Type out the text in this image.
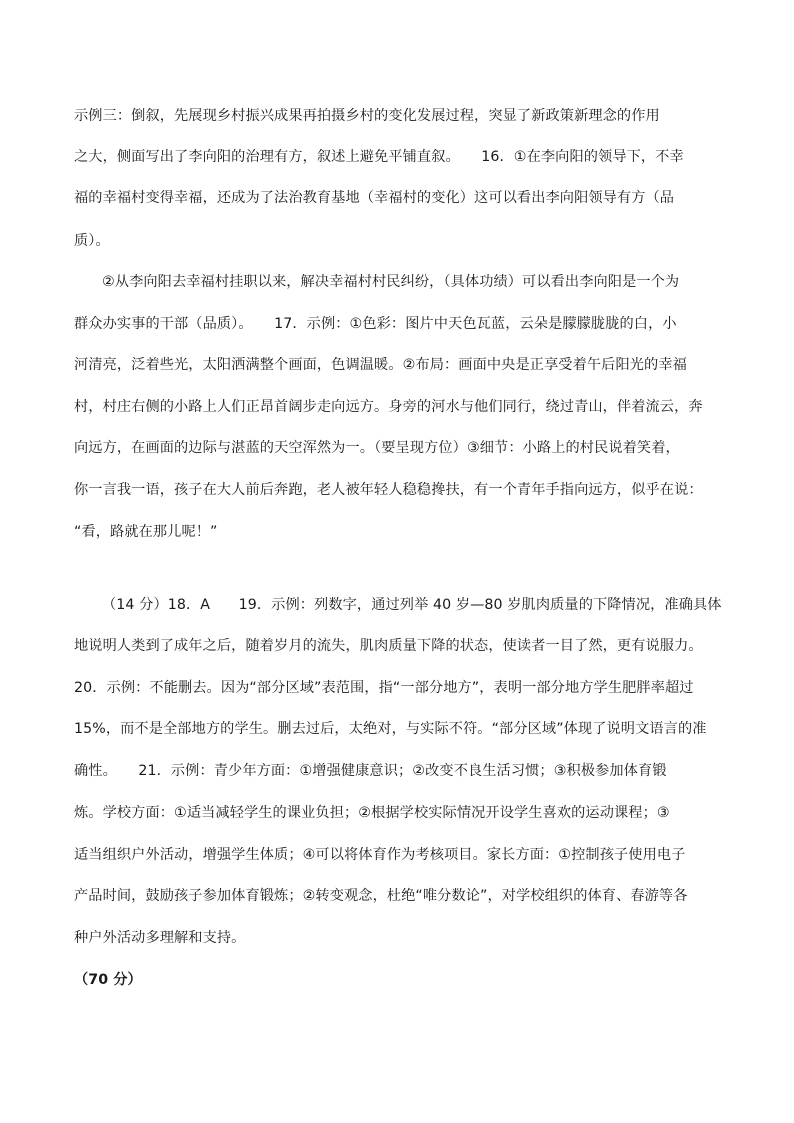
示例三：倒叙，先展现乡村振兴成果再拍摄乡村的变化发展过程，突显了新政策新理念的作用
之大，侧面写出了李向阳的治理有方，叙述上避免平铺直叙。　　16．①在李向阳的领导下，不幸
福的幸福村变得幸福，还成为了法治教育基地（幸福村的变化）这可以看出李向阳领导有方（品
质）。
②从李向阳去幸福村挂职以来，解决幸福村村民纠纷，（具体功绩）可以看出李向阳是一个为
群众办实事的干部（品质）。　　17．示例：①色彩：图片中天色瓦蓝，云朵是朦朦胧胧的白，小
河清亮，泛着些光，太阳洒满整个画面，色调温暖。②布局：画面中央是正享受着午后阳光的幸福
村，村庄右侧的小路上人们正昂首阔步走向远方。身旁的河水与他们同行，绕过青山，伴着流云，奔
向远方，在画面的边际与湛蓝的天空浑然为一。（要呈现方位）③细节：小路上的村民说着笑着，
你一言我一语，孩子在大人前后奔跑，老人被年轻人稳稳搀扶，有一个青年手指向远方，似乎在说：
“看，路就在那儿呢！”
（14 分）18．A　　19．示例：列数字，通过列举 40 岁—80 岁肌肉质量的下降情况，准确具体
地说明人类到了成年之后，随着岁月的流失，肌肉质量下降的状态，使读者一目了然，更有说服力。
20．示例：不能删去。因为“部分区域”表范围，指“一部分地方”，表明一部分地方学生肥胖率超过
15%，而不是全部地方的学生。删去过后，太绝对，与实际不符。“部分区域”体现了说明文语言的准
确性。　　21．示例：青少年方面：①增强健康意识；②改变不良生活习惯；③积极参加体育锻
炼。学校方面：①适当减轻学生的课业负担；②根据学校实际情况开设学生喜欢的运动课程；③
适当组织户外活动，增强学生体质；④可以将体育作为考核项目。家长方面：①控制孩子使用电子
产品时间，鼓励孩子参加体育锻炼；②转变观念，杜绝“唯分数论”，对学校组织的体育、春游等各
种户外活动多理解和支持。
（70 分）
